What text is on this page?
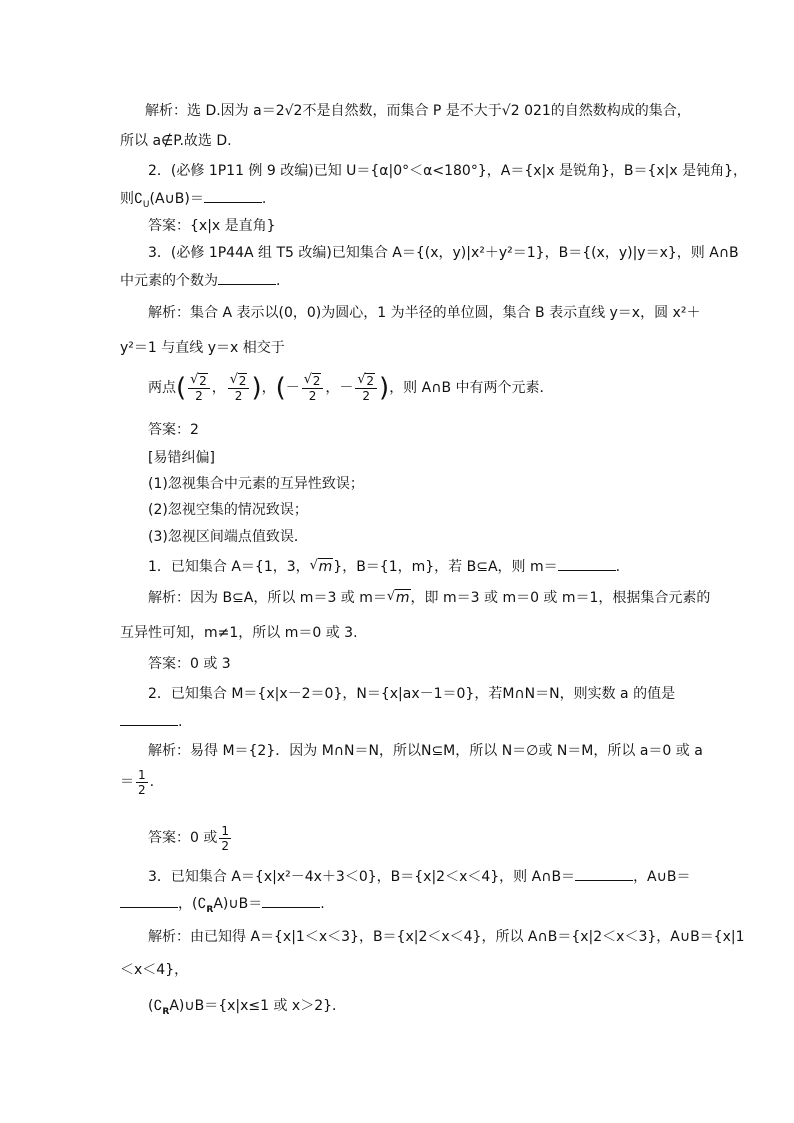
解析：选 D.因为 a＝2√2不是自然数，而集合 P 是不大于√2 021的自然数构成的集合，
所以 a∉P.故选 D.
2．(必修 1P11 例 9 改编)已知 U＝{α|0°＜α<180°}，A＝{x|x 是锐角}，B＝{x|x 是钝角}，
则$∁_U(A\cup B)=$	.
答案：{x|x 是直角}
3．(必修 1P44A 组 T5 改编)已知集合 A＝{(x，y)|x²＋y²＝1}，B＝{(x，y)|y＝x}，则 A∩B
中元素的个数为	.
解析：集合 A 表示以(0，0)为圆心，1 为半径的单位圆，集合 B 表示直线 y＝x，圆 x²＋
y²＝1 与直线 y＝x 相交于
两点( √ $\frac{2}{2}$ ， √ $\frac{2}{2}$ )，(－ √ $\frac{2}{2}$ ，－ √ $\frac{2}{2}$ )，则 A∩B 中有两个元素．
答案：2
[易错纠偏]
(1)忽视集合中元素的互异性致误；
(2)忽视空集的情况致误；
(3)忽视区间端点值致误．
1．已知集合 A＝{1，3， √ m}，B＝{1，m}，若 B⊆A，则 m＝	.
解析：因为 B⊆A，所以 m＝3 或 m＝ √ m，即 m＝3 或 m＝0 或 m＝1，根据集合元素的
互异性可知，m≠1，所以 m＝0 或 3.
答案：0 或 3
2．已知集合 M＝{x|x－2＝0}，N＝{x|ax－1＝0}，若M∩N＝N，则实数 a 的值是
.
解析：易得 M＝{2}．因为 M∩N＝N，所以N⊆M，所以 N＝∅或 N＝M，所以 a＝0 或 a
＝ $\frac{1}{2}$ .
答案：0 或 $\frac{1}{2}$
3．已知集合 A＝{x|x²－4x＋3＜0}，B＝{x|2＜x＜4}，则 A∩B＝	，A∪B＝
，$(∁_RA)\cup B=$	.
解析：由已知得 A＝{x|1＜x＜3}，B＝{x|2＜x＜4}，所以 A∩B＝{x|2＜x＜3}，A∪B＝{x|1
＜x＜4}，
$(∁_RA)\cup B=\{x|x\le 1$ 或 x＞2}．
